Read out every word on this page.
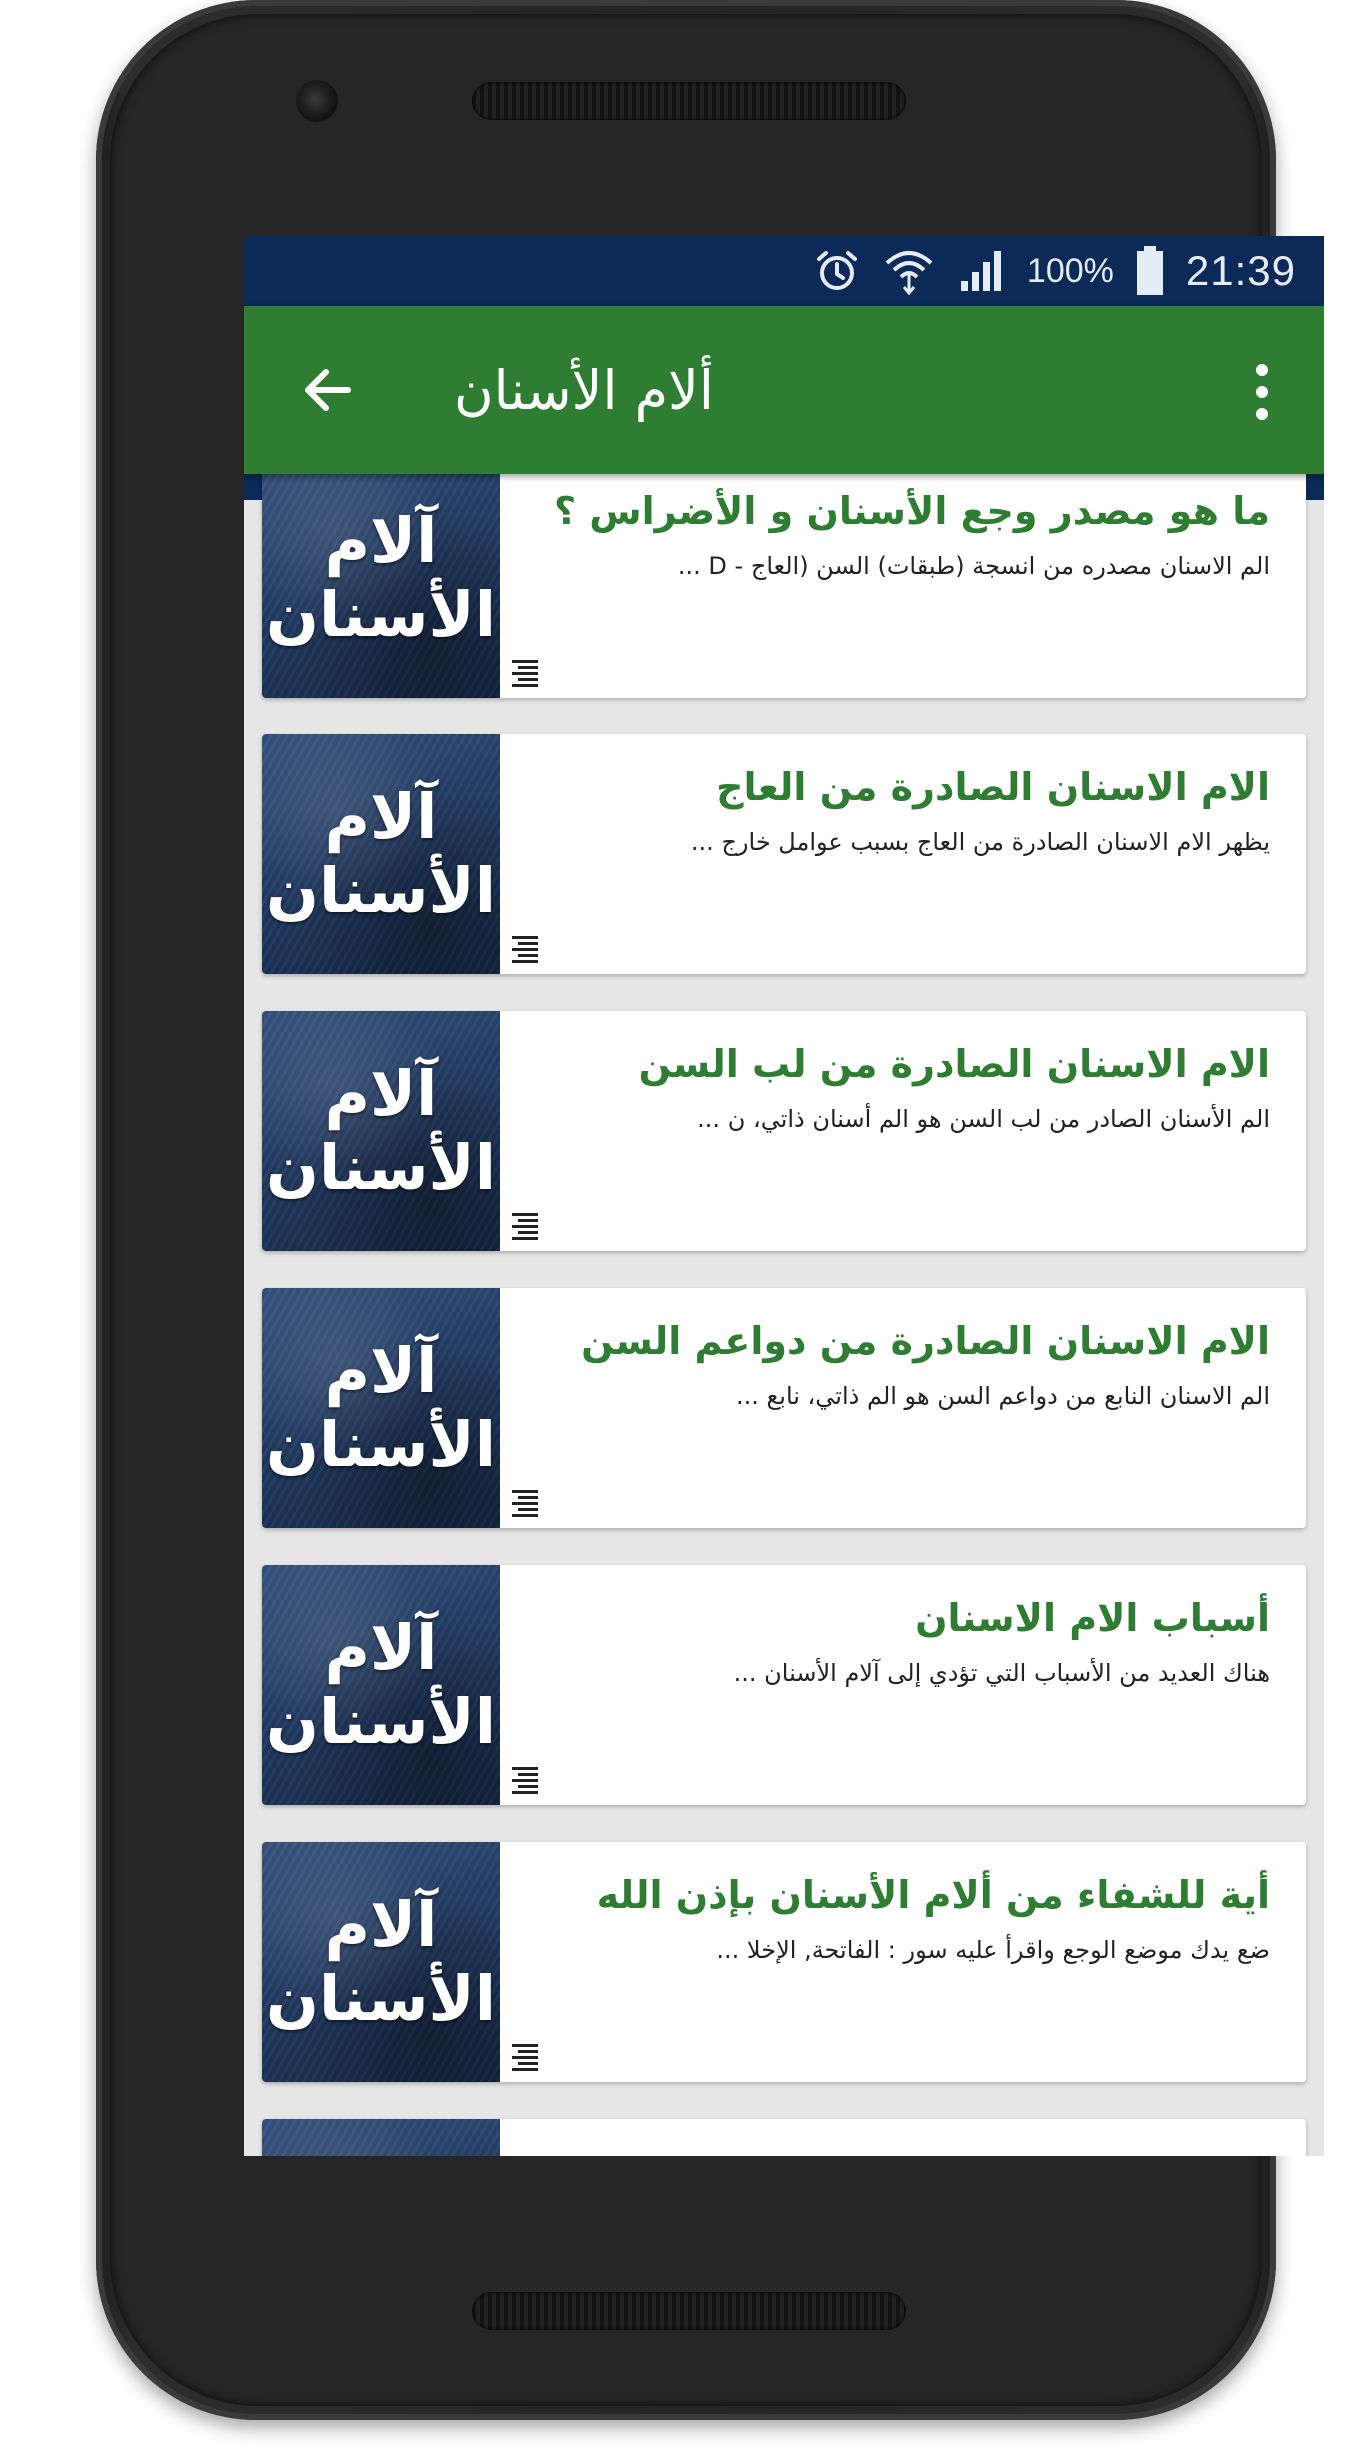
100% 21:39
ألام الأسنان
آلام
الأسنان
ما هو مصدر وجع الأسنان و الأضراس ؟
الم الاسنان مصدره من انسجة (طبقات) السن (العاج - D ...
آلام
الأسنان
الام الاسنان الصادرة من العاج
يظهر الام الاسنان الصادرة من العاج بسبب عوامل خارج ...
آلام
الأسنان
الام الاسنان الصادرة من لب السن
الم الأسنان الصادر من لب السن هو الم أسنان ذاتي، ن ...
آلام
الأسنان
الام الاسنان الصادرة من دواعم السن
الم الاسنان النابع من دواعم السن هو الم ذاتي، نابع ...
آلام
الأسنان
أسباب الام الاسنان
هناك العديد من الأسباب التي تؤدي إلى آلام الأسنان ...
آلام
الأسنان
أية للشفاء من ألام الأسنان بإذن الله
ضع يدك موضع الوجع واقرأ عليه سور : الفاتحة, الإخلا ...
